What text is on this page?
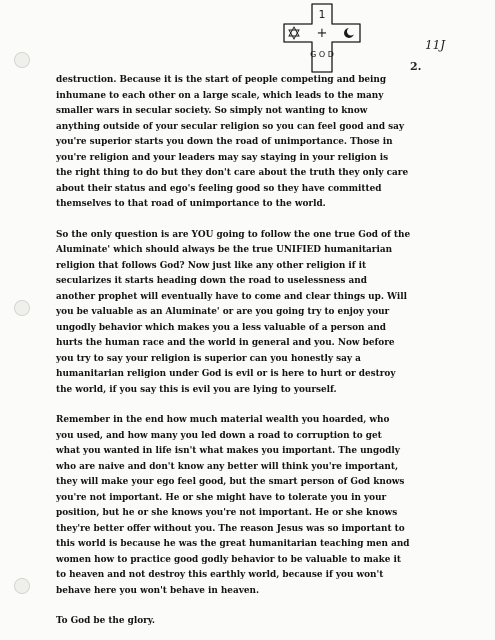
1
+
G O D
11J
2.
destruction. Because it is the start of people competing and being
inhumane to each other on a large scale, which leads to the many
smaller wars in secular society. So simply not wanting to know
anything outside of your secular religion so you can feel good and say
you're superior starts you down the road of unimportance. Those in
you're religion and your leaders may say staying in your religion is
the right thing to do but they don't care about the truth they only care
about their status and ego's feeling good so they have committed
themselves to that road of unimportance to the world.
So the only question is are YOU going to follow the one true God of the
Aluminate' which should always be the true UNIFIED humanitarian
religion that follows God? Now just like any other religion if it
secularizes it starts heading down the road to uselessness and
another prophet will eventually have to come and clear things up. Will
you be valuable as an Aluminate' or are you going try to enjoy your
ungodly behavior which makes you a less valuable of a person and
hurts the human race and the world in general and you. Now before
you try to say your religion is superior can you honestly say a
humanitarian religion under God is evil or is here to hurt or destroy
the world, if you say this is evil you are lying to yourself.
Remember in the end how much material wealth you hoarded, who
you used, and how many you led down a road to corruption to get
what you wanted in life isn't what makes you important. The ungodly
who are naive and don't know any better will think you're important,
they will make your ego feel good, but the smart person of God knows
you're not important. He or she might have to tolerate you in your
position, but he or she knows you're not important. He or she knows
they're better offer without you. The reason Jesus was so important to
this world is because he was the great humanitarian teaching men and
women how to practice good godly behavior to be valuable to make it
to heaven and not destroy this earthly world, because if you won't
behave here you won't behave in heaven.
To God be the glory.
